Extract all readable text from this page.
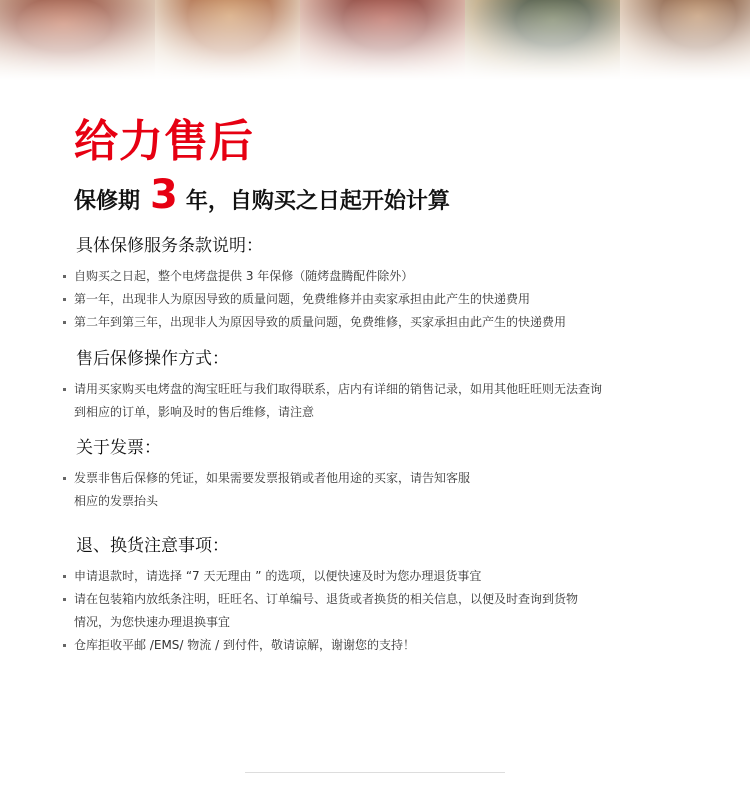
给力售后
保修期 3 年，自购买之日起开始计算
具体保修服务条款说明：
自购买之日起，整个电烤盘提供 3 年保修（随烤盘腾配件除外）
第一年，出现非人为原因导致的质量问题，免费维修并由卖家承担由此产生的快递费用
第二年到第三年，出现非人为原因导致的质量问题，免费维修，买家承担由此产生的快递费用
售后保修操作方式：
请用买家购买电烤盘的淘宝旺旺与我们取得联系，店内有详细的销售记录，如用其他旺旺则无法查询
到相应的订单，影响及时的售后维修，请注意
关于发票：
发票非售后保修的凭证，如果需要发票报销或者他用途的买家，请告知客服
相应的发票抬头
退、换货注意事项：
申请退款时，请选择 “7 天无理由 ” 的选项，以便快速及时为您办理退货事宜
请在包装箱内放纸条注明，旺旺名、订单编号、退货或者换货的相关信息，以便及时查询到货物
情况，为您快速办理退换事宜
仓库拒收平邮 /EMS/ 物流 / 到付件，敬请谅解，谢谢您的支持！
